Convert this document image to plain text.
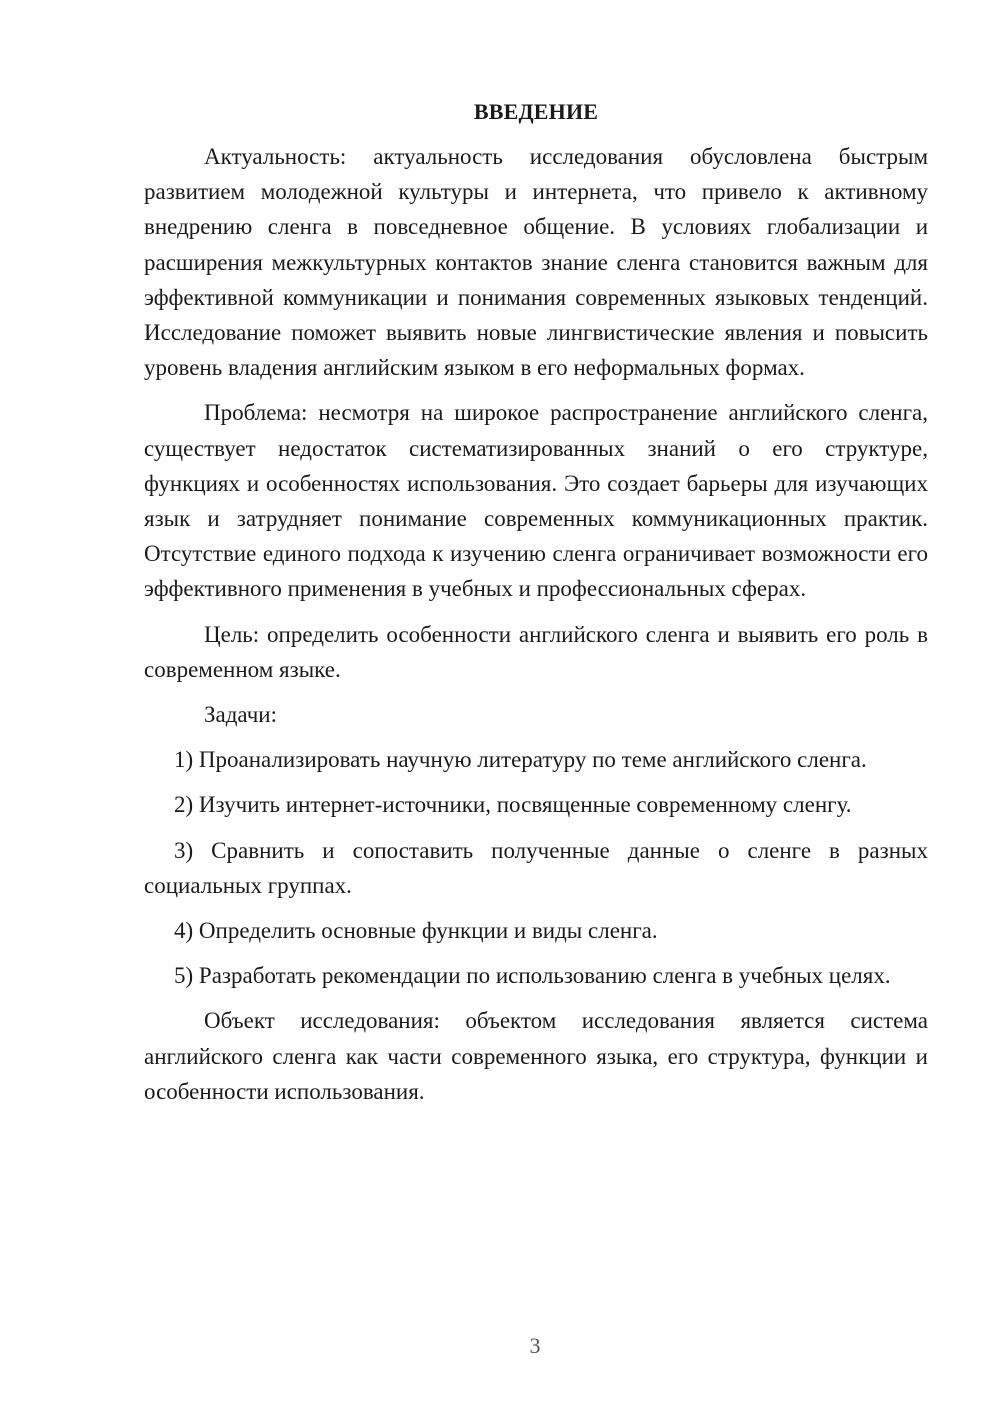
ВВЕДЕНИЕ

Актуальность: актуальность исследования обусловлена быстрым развитием молодежной культуры и интернета, что привело к активному внедрению сленга в повседневное общение. В условиях глобализации и расширения межкультурных контактов знание сленга становится важным для эффективной коммуникации и понимания современных языковых тенденций. Исследование поможет выявить новые лингвистические явления и повысить уровень владения английским языком в его неформальных формах.

Проблема: несмотря на широкое распространение английского сленга, существует недостаток систематизированных знаний о его структуре, функциях и особенностях использования. Это создает барьеры для изучающих язык и затрудняет понимание современных коммуникационных практик. Отсутствие единого подхода к изучению сленга ограничивает возможности его эффективного применения в учебных и профессиональных сферах.

Цель: определить особенности английского сленга и выявить его роль в современном языке.

Задачи:

1) Проанализировать научную литературу по теме английского сленга.

2) Изучить интернет-источники, посвященные современному сленгу.

3) Сравнить и сопоставить полученные данные о сленге в разных социальных группах.

4) Определить основные функции и виды сленга.

5) Разработать рекомендации по использованию сленга в учебных целях.

Объект исследования: объектом исследования является система английского сленга как части современного языка, его структура, функции и особенности использования.

3
